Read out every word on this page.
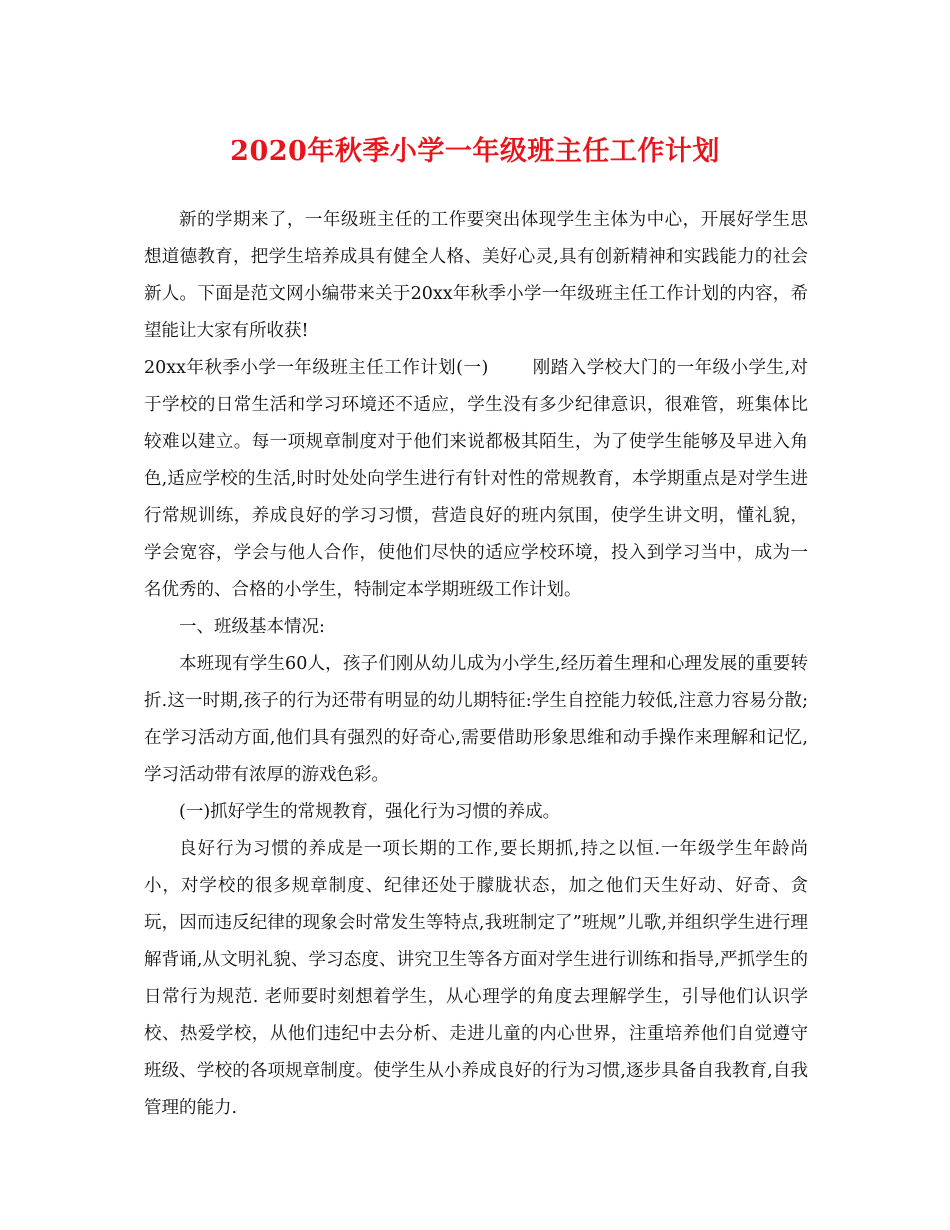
2020年秋季小学一年级班主任工作计划

新的学期来了，一年级班主任的工作要突出体现学生主体为中心，开展好学生思想道德教育，把学生培养成具有健全人格、美好心灵,具有创新精神和实践能力的社会新人。下面是范文网小编带来关于20xx年秋季小学一年级班主任工作计划的内容，希望能让大家有所收获!

20xx年秋季小学一年级班主任工作计划(一)	刚踏入学校大门的一年级小学生,对于学校的日常生活和学习环境还不适应，学生没有多少纪律意识，很难管，班集体比较难以建立。每一项规章制度对于他们来说都极其陌生，为了使学生能够及早进入角色,适应学校的生活,时时处处向学生进行有针对性的常规教育，本学期重点是对学生进行常规训练，养成良好的学习习惯，营造良好的班内氛围，使学生讲文明，懂礼貌，学会宽容，学会与他人合作，使他们尽快的适应学校环境，投入到学习当中，成为一名优秀的、合格的小学生，特制定本学期班级工作计划。

一、班级基本情况:

本班现有学生60人，孩子们刚从幼儿成为小学生,经历着生理和心理发展的重要转折.这一时期,孩子的行为还带有明显的幼儿期特征:学生自控能力较低,注意力容易分散;在学习活动方面,他们具有强烈的好奇心,需要借助形象思维和动手操作来理解和记忆,学习活动带有浓厚的游戏色彩。

(一)抓好学生的常规教育，强化行为习惯的养成。

良好行为习惯的养成是一项长期的工作,要长期抓,持之以恒.一年级学生年龄尚小，对学校的很多规章制度、纪律还处于朦胧状态，加之他们天生好动、好奇、贪玩，因而违反纪律的现象会时常发生等特点,我班制定了”班规”儿歌,并组织学生进行理解背诵,从文明礼貌、学习态度、讲究卫生等各方面对学生进行训练和指导,严抓学生的日常行为规范. 老师要时刻想着学生，从心理学的角度去理解学生，引导他们认识学校、热爱学校，从他们违纪中去分析、走进儿童的内心世界，注重培养他们自觉遵守班级、学校的各项规章制度。使学生从小养成良好的行为习惯,逐步具备自我教育,自我管理的能力.
